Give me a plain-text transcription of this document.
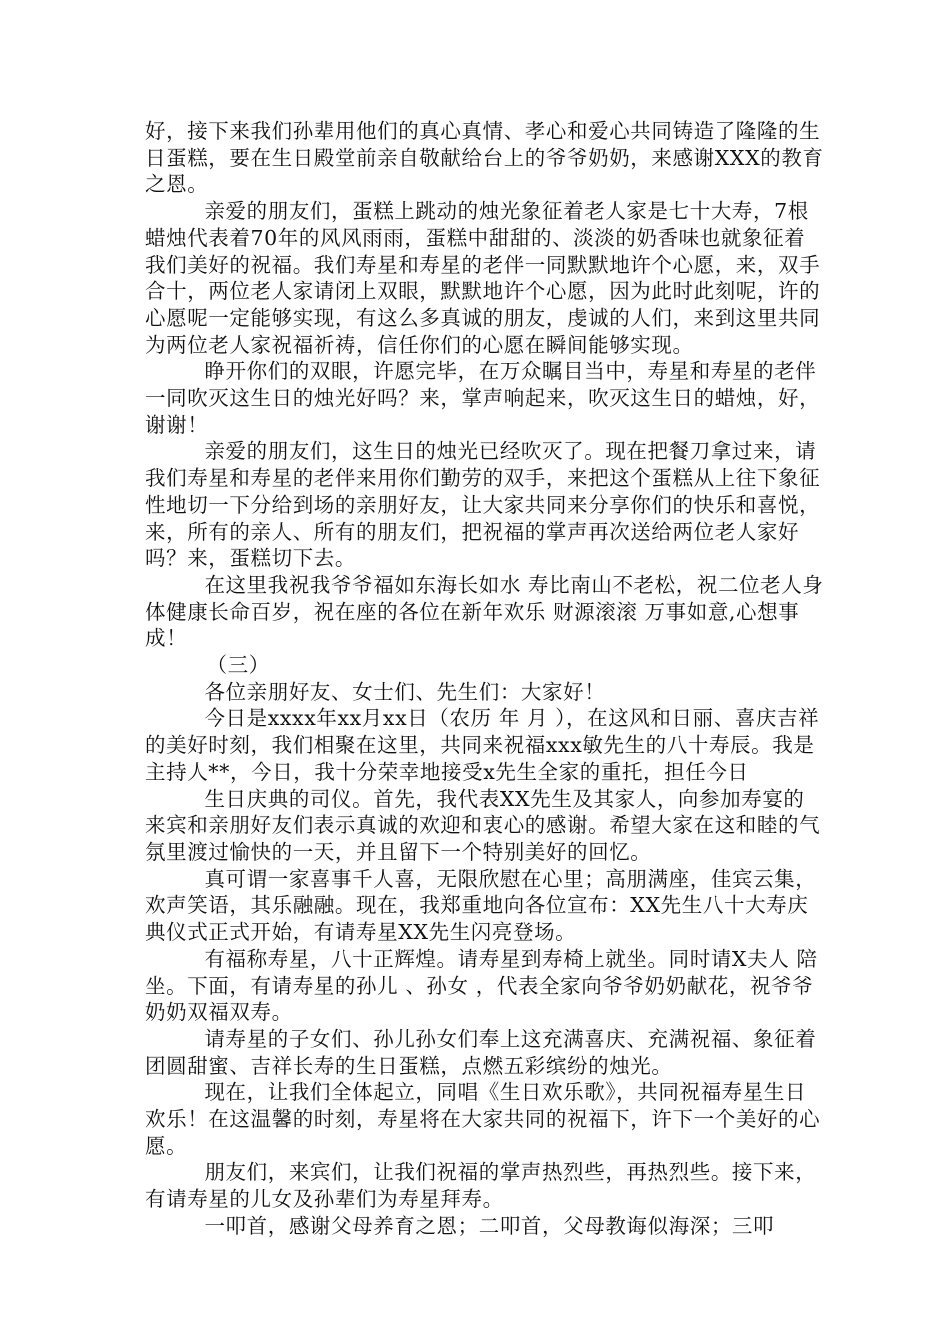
好，接下来我们孙辈用他们的真心真情、孝心和爱心共同铸造了隆隆的生日蛋糕，要在生日殿堂前亲自敬献给台上的爷爷奶奶，来感谢XXX的教育之恩。

亲爱的朋友们，蛋糕上跳动的烛光象征着老人家是七十大寿，7根蜡烛代表着70年的风风雨雨，蛋糕中甜甜的、淡淡的奶香味也就象征着我们美好的祝福。我们寿星和寿星的老伴一同默默地许个心愿，来，双手合十，两位老人家请闭上双眼，默默地许个心愿，因为此时此刻呢，许的心愿呢一定能够实现，有这么多真诚的朋友，虔诚的人们，来到这里共同为两位老人家祝福祈祷，信任你们的心愿在瞬间能够实现。

睁开你们的双眼，许愿完毕，在万众瞩目当中，寿星和寿星的老伴一同吹灭这生日的烛光好吗？来，掌声响起来，吹灭这生日的蜡烛，好，谢谢！

亲爱的朋友们，这生日的烛光已经吹灭了。现在把餐刀拿过来，请我们寿星和寿星的老伴来用你们勤劳的双手，来把这个蛋糕从上往下象征性地切一下分给到场的亲朋好友，让大家共同来分享你们的快乐和喜悦，来，所有的亲人、所有的朋友们，把祝福的掌声再次送给两位老人家好吗？来，蛋糕切下去。

在这里我祝我爷爷福如东海长如水 寿比南山不老松，祝二位老人身体健康长命百岁，祝在座的各位在新年欢乐 财源滚滚 万事如意,心想事成！

（三）

各位亲朋好友、女士们、先生们：大家好！

今日是xxxx年xx月xx日（农历 年 月 ），在这风和日丽、喜庆吉祥的美好时刻，我们相聚在这里，共同来祝福xxx敏先生的八十寿辰。我是主持人**，今日，我十分荣幸地接受x先生全家的重托，担任今日

生日庆典的司仪。首先，我代表XX先生及其家人，向参加寿宴的来宾和亲朋好友们表示真诚的欢迎和衷心的感谢。希望大家在这和睦的气氛里渡过愉快的一天，并且留下一个特别美好的回忆。

真可谓一家喜事千人喜，无限欣慰在心里；高朋满座，佳宾云集，欢声笑语，其乐融融。现在，我郑重地向各位宣布：XX先生八十大寿庆典仪式正式开始，有请寿星XX先生闪亮登场。

有福称寿星，八十正辉煌。请寿星到寿椅上就坐。同时请X夫人 陪坐。下面，有请寿星的孙儿 、孙女 ，代表全家向爷爷奶奶献花，祝爷爷奶奶双福双寿。

请寿星的子女们、孙儿孙女们奉上这充满喜庆、充满祝福、象征着团圆甜蜜、吉祥长寿的生日蛋糕，点燃五彩缤纷的烛光。

现在，让我们全体起立，同唱《生日欢乐歌》，共同祝福寿星生日欢乐！在这温馨的时刻，寿星将在大家共同的祝福下，许下一个美好的心愿。

朋友们，来宾们，让我们祝福的掌声热烈些，再热烈些。接下来，有请寿星的儿女及孙辈们为寿星拜寿。

一叩首，感谢父母养育之恩；二叩首，父母教诲似海深；三叩
